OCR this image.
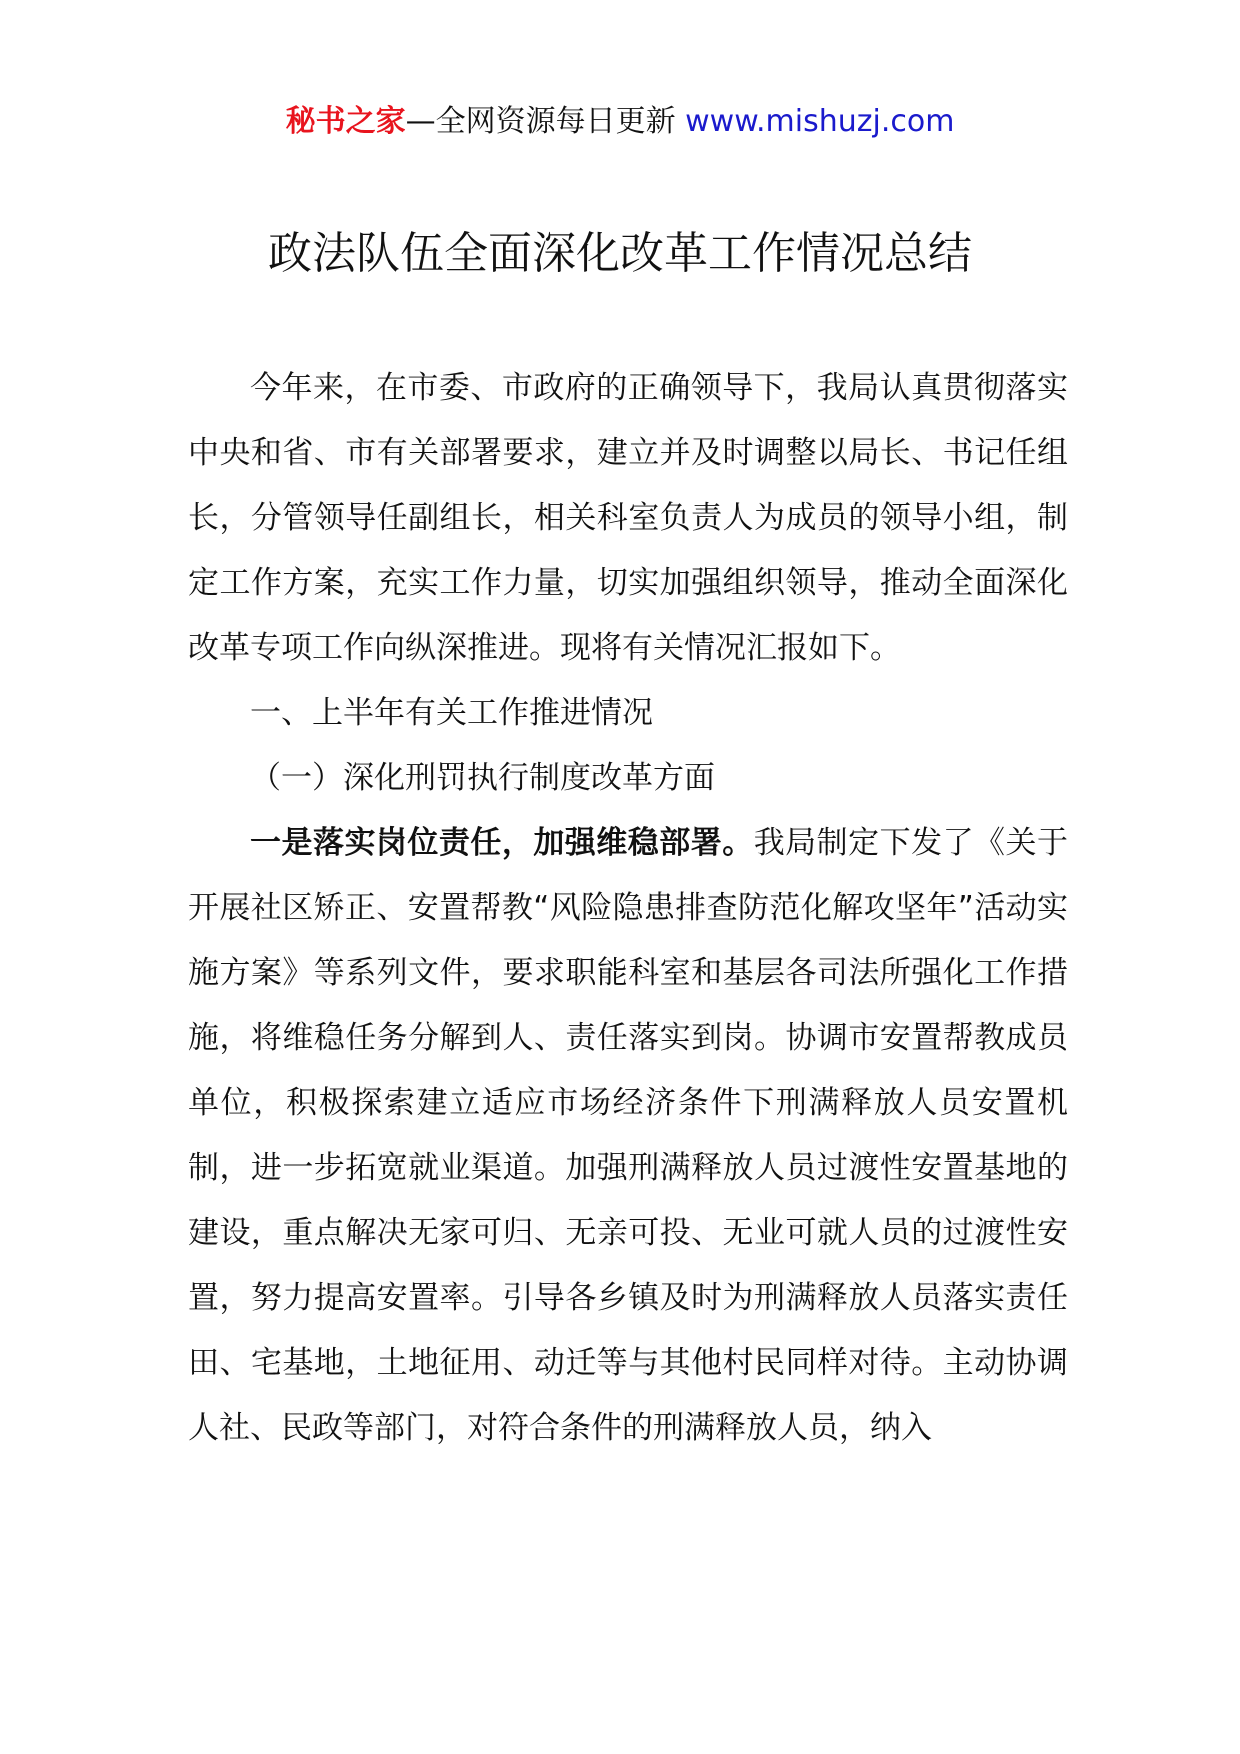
秘书之家—全网资源每日更新 www.mishuzj.com
政法队伍全面深化改革工作情况总结

今年来，在市委、市政府的正确领导下，我局认真贯彻落实中央和省、市有关部署要求，建立并及时调整以局长、书记任组长，分管领导任副组长，相关科室负责人为成员的领导小组，制定工作方案，充实工作力量，切实加强组织领导，推动全面深化改革专项工作向纵深推进。现将有关情况汇报如下。

一、上半年有关工作推进情况

（一）深化刑罚执行制度改革方面

一是落实岗位责任，加强维稳部署。我局制定下发了《关于开展社区矫正、安置帮教“风险隐患排查防范化解攻坚年”活动实施方案》等系列文件，要求职能科室和基层各司法所强化工作措施，将维稳任务分解到人、责任落实到岗。协调市安置帮教成员单位，积极探索建立适应市场经济条件下刑满释放人员安置机制，进一步拓宽就业渠道。加强刑满释放人员过渡性安置基地的建设，重点解决无家可归、无亲可投、无业可就人员的过渡性安置，努力提高安置率。引导各乡镇及时为刑满释放人员落实责任田、宅基地，土地征用、动迁等与其他村民同样对待。主动协调人社、民政等部门，对符合条件的刑满释放人员，纳入
